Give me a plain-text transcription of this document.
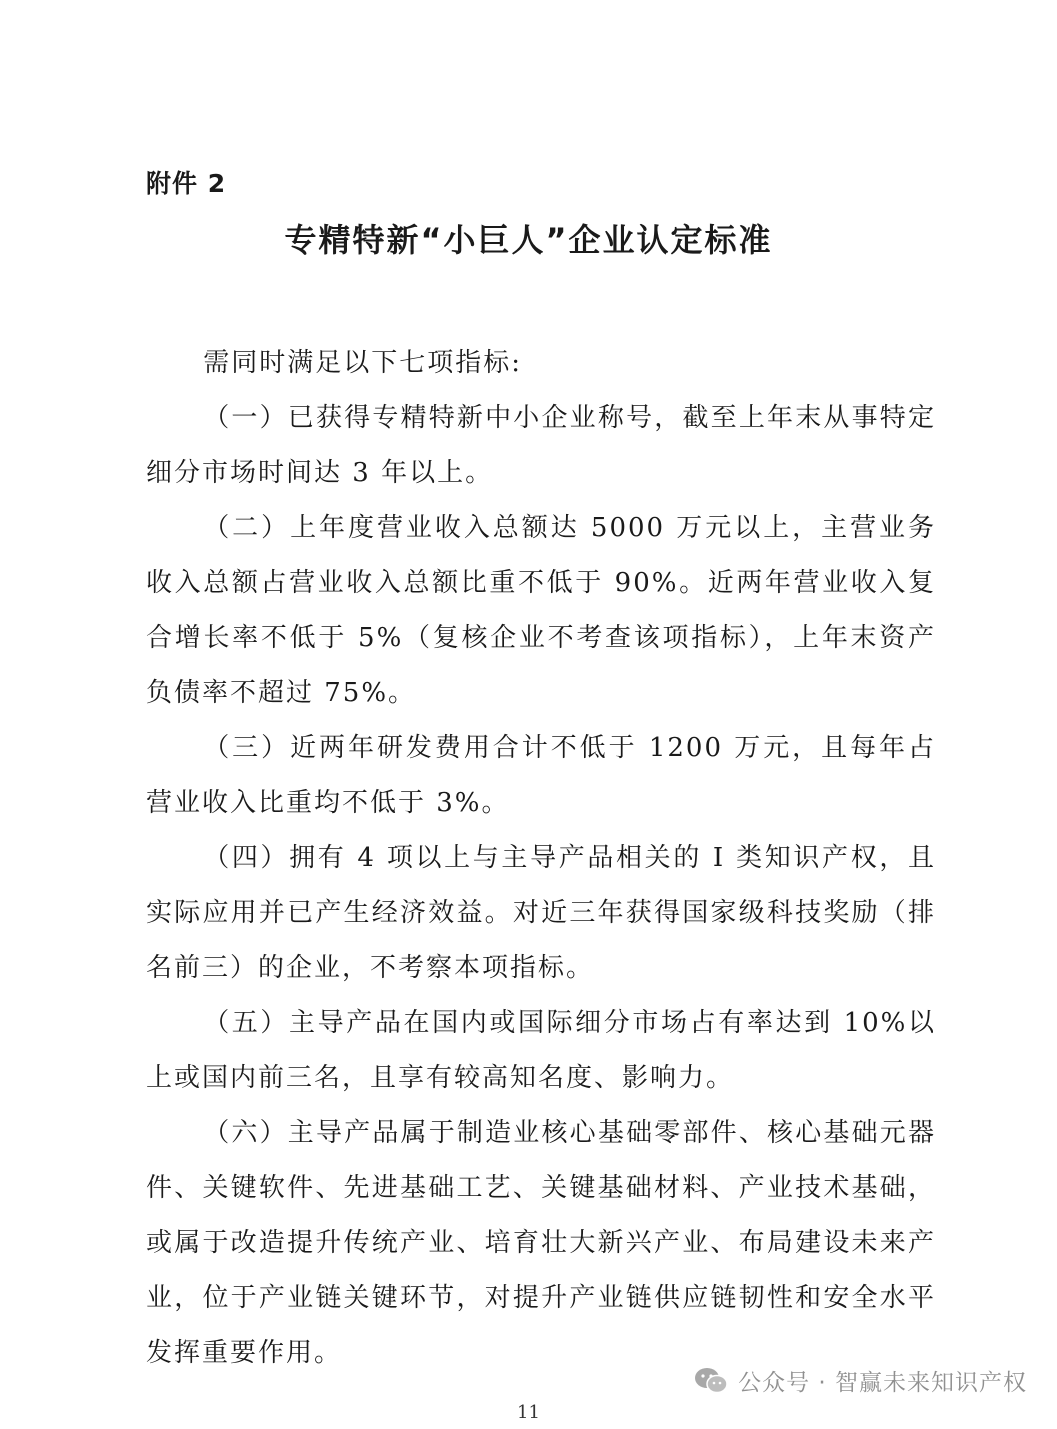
附件 2
专精特新“小巨人”企业认定标准

需同时满足以下七项指标:

（一）已获得专精特新中小企业称号，截至上年末从事特定细分市场时间达 3 年以上。

（二）上年度营业收入总额达 5000 万元以上，主营业务收入总额占营业收入总额比重不低于 90%。近两年营业收入复合增长率不低于 5%（复核企业不考查该项指标），上年末资产负债率不超过 75%。

（三）近两年研发费用合计不低于 1200 万元，且每年占营业收入比重均不低于 3%。

（四）拥有 4 项以上与主导产品相关的 I 类知识产权，且实际应用并已产生经济效益。对近三年获得国家级科技奖励（排名前三）的企业，不考察本项指标。

（五）主导产品在国内或国际细分市场占有率达到 10%以上或国内前三名，且享有较高知名度、影响力。

（六）主导产品属于制造业核心基础零部件、核心基础元器件、关键软件、先进基础工艺、关键基础材料、产业技术基础，或属于改造提升传统产业、培育壮大新兴产业、布局建设未来产业，位于产业链关键环节，对提升产业链供应链韧性和安全水平发挥重要作用。

公众号 · 智赢未来知识产权
11
